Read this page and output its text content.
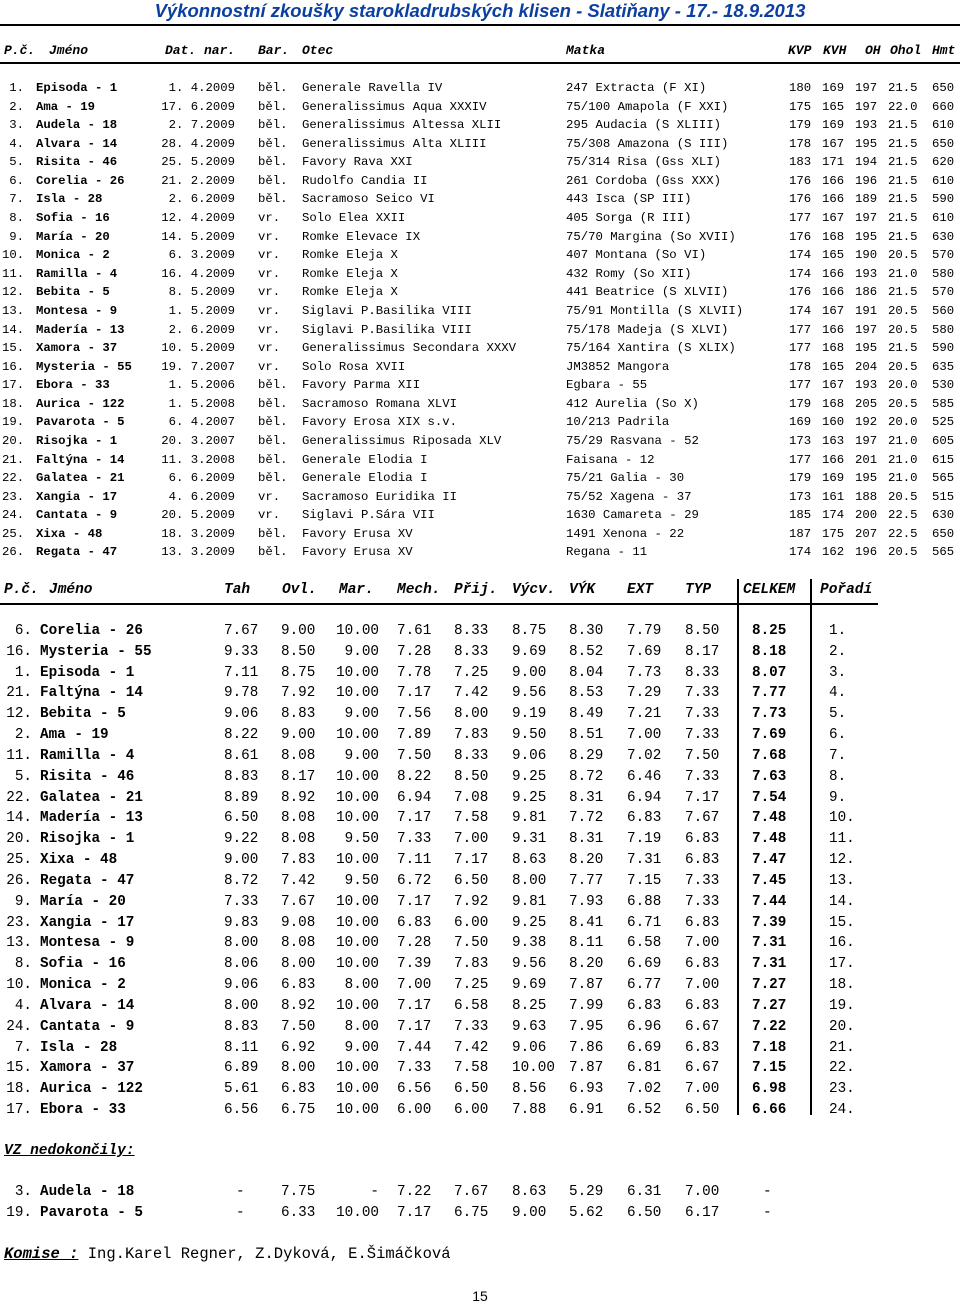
Výkonnostní zkoušky starokladrubských klisen - Slatiňany - 17.- 18.9.2013
P.č. Jméno	Dat. nar. Bar. Otec	Matka	KVP KVH OH Ohol Hmt
1. Episoda - 1	1. 4.2009 běl. Generale Ravella IV	247 Extracta (F XI)	180 169 197 21.5 650
2. Ama - 19	17. 6.2009 běl. Generalissimus Aqua XXXIV	75/100 Amapola (F XXI)	175 165 197 22.0 660
3. Audela - 18	2. 7.2009 běl. Generalissimus Altessa XLII	295 Audacia (S XLIII)	179 169 193 21.5 610
4. Alvara - 14	28. 4.2009 běl. Generalissimus Alta XLIII	75/308 Amazona (S III)	178 167 195 21.5 650
5. Risita - 46	25. 5.2009 běl. Favory Rava XXI	75/314 Risa (Gss XLI)	183 171 194 21.5 620
6. Corelia - 26	21. 2.2009 běl. Rudolfo Candia II	261 Cordoba (Gss XXX)	176 166 196 21.5 610
7. Isla - 28	2. 6.2009 běl. Sacramoso Seico VI	443 Isca (SP III)	176 166 189 21.5 590
8. Sofia - 16	12. 4.2009 vr. Solo Elea XXII	405 Sorga (R III)	177 167 197 21.5 610
9. María - 20	14. 5.2009 vr. Romke Elevace IX	75/70 Margina (So XVII)	176 168 195 21.5 630
10. Monica - 2	6. 3.2009 vr. Romke Eleja X	407 Montana (So VI)	174 165 190 20.5 570
11. Ramilla - 4	16. 4.2009 vr. Romke Eleja X	432 Romy (So XII)	174 166 193 21.0 580
12. Bebita - 5	8. 5.2009 vr. Romke Eleja X	441 Beatrice (S XLVII)	176 166 186 21.5 570
13. Montesa - 9	1. 5.2009 vr. Siglavi P.Basilika VIII	75/91 Montilla (S XLVII)	174 167 191 20.5 560
14. Madería - 13	2. 6.2009 vr. Siglavi P.Basilika VIII	75/178 Madeja (S XLVI)	177 166 197 20.5 580
15. Xamora - 37	10. 5.2009 vr. Generalissimus Secondara XXXV	75/164 Xantira (S XLIX)	177 168 195 21.5 590
16. Mysteria - 55	19. 7.2007 vr. Solo Rosa XVII	JM3852 Mangora	178 165 204 20.5 635
17. Ebora - 33	1. 5.2006 běl. Favory Parma XII	Egbara - 55	177 167 193 20.0 530
18. Aurica - 122	1. 5.2008 běl. Sacramoso Romana XLVI	412 Aurelia (So X)	179 168 205 20.5 585
19. Pavarota - 5	6. 4.2007 běl. Favory Erosa XIX s.v.	10/213 Padrila	169 160 192 20.0 525
20. Risojka - 1	20. 3.2007 běl. Generalissimus Riposada XLV	75/29 Rasvana - 52	173 163 197 21.0 605
21. Faltýna - 14	11. 3.2008 běl. Generale Elodia I	Faisana - 12	177 166 201 21.0 615
22. Galatea - 21	6. 6.2009 běl. Generale Elodia I	75/21 Galia - 30	179 169 195 21.0 565
23. Xangia - 17	4. 6.2009 vr. Sacramoso Euridika II	75/52 Xagena - 37	173 161 188 20.5 515
24. Cantata - 9	20. 5.2009 vr. Siglavi P.Sára VII	1630 Camareta - 29	185 174 200 22.5 630
25. Xixa - 48	18. 3.2009 běl. Favory Erusa XV	1491 Xenona - 22	187 175 207 22.5 650
26. Regata - 47	13. 3.2009 běl. Favory Erusa XV	Regana - 11	174 162 196 20.5 565
P.č. Jméno	Tah Ovl. Mar. Mech. Přij. Výcv. VÝK EXT TYP CELKEM Pořadí
6. Corelia - 26	7.67 9.00	10.00 7.61 8.33 8.75 8.30 7.79 8.50 8.25	1.
16. Mysteria - 55	9.33 8.50	9.00 7.28 8.33 9.69 8.52 7.69 8.17 8.18	2.
1. Episoda - 1	7.11 8.75	10.00 7.78 7.25 9.00 8.04 7.73 8.33 8.07	3.
21. Faltýna - 14	9.78 7.92	10.00 7.17 7.42 9.56 8.53 7.29 7.33 7.77	4.
12. Bebita - 5	9.06 8.83	9.00 7.56 8.00 9.19 8.49 7.21 7.33 7.73	5.
2. Ama - 19	8.22 9.00	10.00 7.89 7.83 9.50 8.51 7.00 7.33 7.69	6.
11. Ramilla - 4	8.61 8.08	9.00 7.50 8.33 9.06 8.29 7.02 7.50 7.68	7.
5. Risita - 46	8.83 8.17	10.00 8.22 8.50 9.25 8.72 6.46 7.33 7.63	8.
22. Galatea - 21	8.89 8.92	10.00 6.94 7.08 9.25 8.31 6.94 7.17 7.54	9.
14. Madería - 13	6.50 8.08	10.00 7.17 7.58 9.81 7.72 6.83 7.67 7.48	10.
20. Risojka - 1	9.22 8.08	9.50 7.33 7.00 9.31 8.31 7.19 6.83 7.48	11.
25. Xixa - 48	9.00 7.83	10.00 7.11 7.17 8.63 8.20 7.31 6.83 7.47	12.
26. Regata - 47	8.72 7.42	9.50 6.72 6.50 8.00 7.77 7.15 7.33 7.45	13.
9. María - 20	7.33 7.67	10.00 7.17 7.92 9.81 7.93 6.88 7.33 7.44	14.
23. Xangia - 17	9.83 9.08	10.00 6.83 6.00 9.25 8.41 6.71 6.83 7.39	15.
13. Montesa - 9	8.00 8.08	10.00 7.28 7.50 9.38 8.11 6.58 7.00 7.31	16.
8. Sofia - 16	8.06 8.00	10.00 7.39 7.83 9.56 8.20 6.69 6.83 7.31	17.
10. Monica - 2	9.06 6.83	8.00 7.00 7.25 9.69 7.87 6.77 7.00 7.27	18.
4. Alvara - 14	8.00 8.92	10.00 7.17 6.58 8.25 7.99 6.83 6.83 7.27	19.
24. Cantata - 9	8.83 7.50	8.00 7.17 7.33 9.63 7.95 6.96 6.67 7.22	20.
7. Isla - 28	8.11 6.92	9.00 7.44 7.42 9.06 7.86 6.69 6.83 7.18	21.
15. Xamora - 37	6.89 8.00	10.00 7.33 7.58 10.00 7.87 6.81 6.67 7.15	22.
18. Aurica - 122	5.61 6.83	10.00 6.56 6.50 8.56 6.93 7.02 7.00 6.98	23.
17. Ebora - 33	6.56 6.75	10.00 6.00 6.00 7.88 6.91 6.52 6.50 6.66	24.
VZ nedokončily:
3. Audela - 18	-	7.75	- 7.22 7.67 8.63 5.29 6.31 7.00	-
19. Pavarota - 5	-	6.33	10.00 7.17 6.75 9.00 5.62 6.50 6.17	-
Komise : Ing.Karel Regner, Z.Dyková, E.Šimáčková
15
